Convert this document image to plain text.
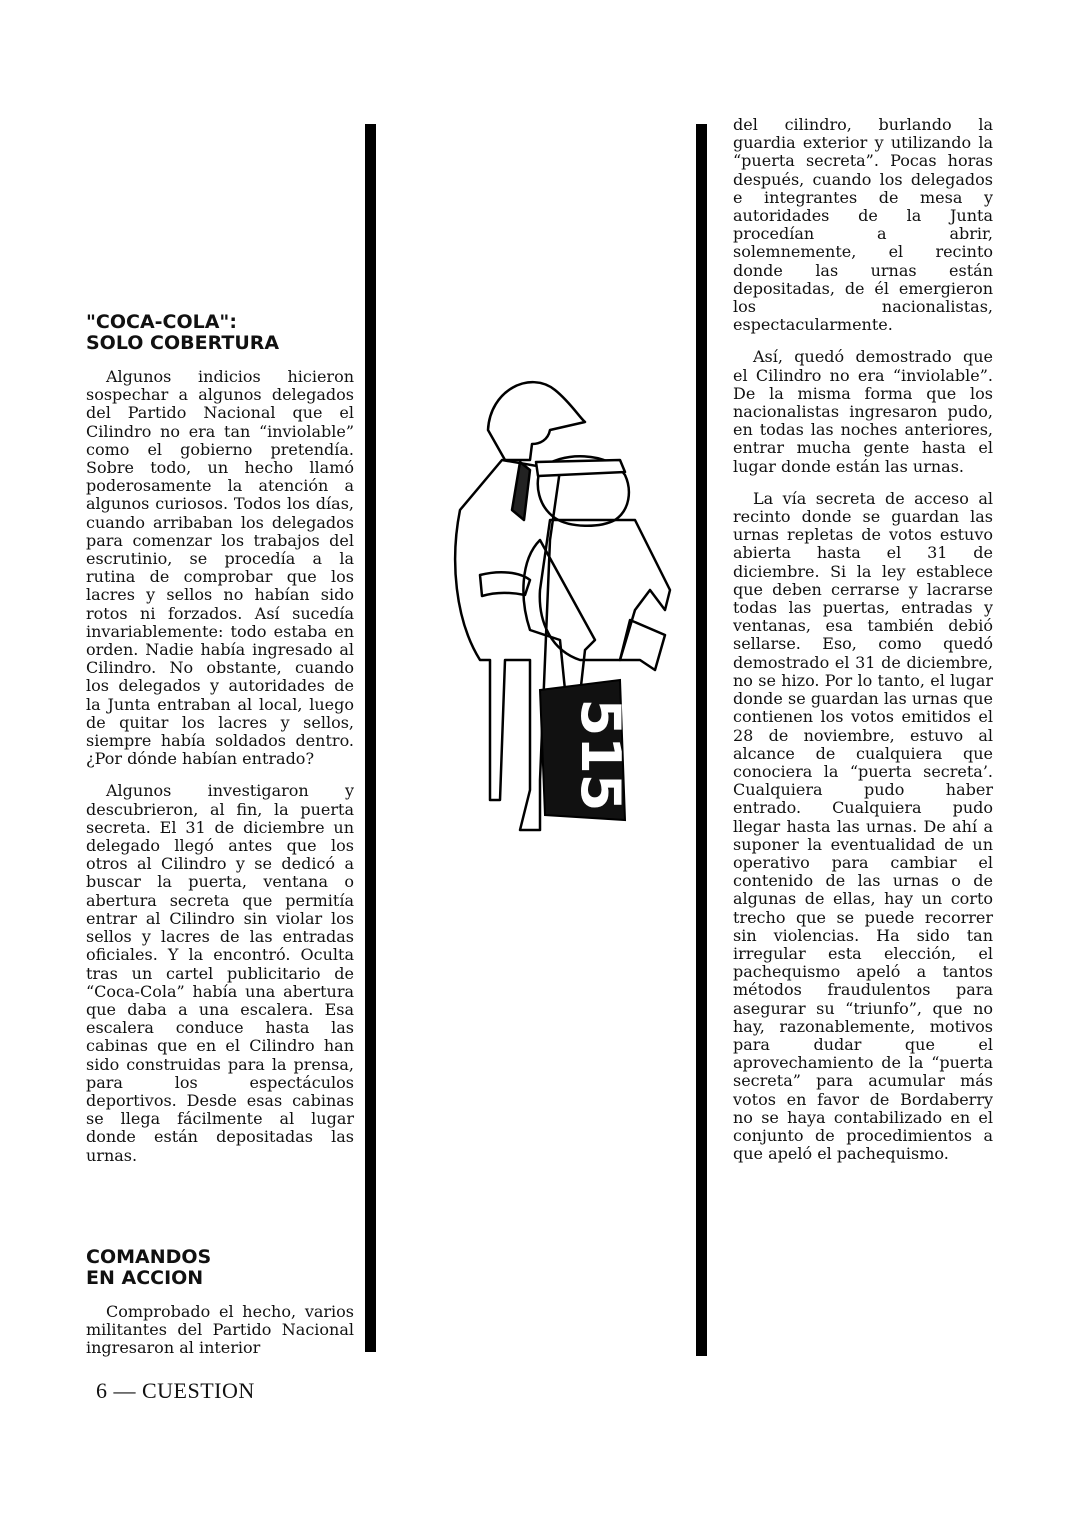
"COCA-COLA":
SOLO COBERTURA

Algunos indicios hicieron sospechar a algunos delegados del Partido Nacional que el Cilindro no era tan “inviolable” como el gobierno pretendía. Sobre todo, un hecho llamó poderosamente la atención a algunos curiosos. Todos los días, cuando arribaban los delegados para comenzar los trabajos del escrutinio, se procedía a la rutina de comprobar que los lacres y sellos no habían sido rotos ni forzados. Así sucedía invariablemente: todo estaba en orden. Nadie había ingresado al Cilindro. No obstante, cuando los delegados y autoridades de la Junta entraban al local, luego de quitar los lacres y sellos, siempre había soldados dentro. ¿Por dónde habían entrado?

Algunos investigaron y descubrieron, al fin, la puerta secreta. El 31 de diciembre un delegado llegó antes que los otros al Cilindro y se dedicó a buscar la puerta, ventana o abertura secreta que permitía entrar al Cilindro sin violar los sellos y lacres de las entradas oficiales. Y la encontró. Oculta tras un cartel publicitario de “Coca-Cola” había una abertura que daba a una escalera. Esa escalera conduce hasta las cabinas que en el Cilindro han sido construidas para la prensa, para los espectáculos deportivos. Desde esas cabinas se llega fácilmente al lugar donde están depositadas las urnas.

COMANDOS
EN ACCION

Comprobado el hecho, varios militantes del Partido Nacional ingresaron al interior

del cilindro, burlando la guardia exterior y utilizando la “puerta secreta”. Pocas horas después, cuando los delegados e integrantes de mesa y autoridades de la Junta procedían a abrir, solemnemente, el recinto donde las urnas están depositadas, de él emergieron los nacionalistas, espectacularmente.

Así, quedó demostrado que el Cilindro no era “inviolable”. De la misma forma que los nacionalistas ingresaron pudo, en todas las noches anteriores, entrar mucha gente hasta el lugar donde están las urnas.

La vía secreta de acceso al recinto donde se guardan las urnas repletas de votos estuvo abierta hasta el 31 de diciembre. Si la ley establece que deben cerrarse y lacrarse todas las puertas, entradas y ventanas, esa también debió sellarse. Eso, como quedó demostrado el 31 de diciembre, no se hizo. Por lo tanto, el lugar donde se guardan las urnas que contienen los votos emitidos el 28 de noviembre, estuvo al alcance de cualquiera que conociera la “puerta secreta’. Cualquiera pudo haber entrado. Cualquiera pudo llegar hasta las urnas. De ahí a suponer la eventualidad de un operativo para cambiar el contenido de las urnas o de algunas de ellas, hay un corto trecho que se puede recorrer sin violencias. Ha sido tan irregular esta elección, el pachequismo apeló a tantos métodos fraudulentos para asegurar su “triunfo”, que no hay, razonablemente, motivos para dudar que el aprovechamiento de la “puerta secreta” para acumular más votos en favor de Bordaberry no se haya contabilizado en el conjunto de procedimientos a que apeló el pachequismo.

515
6 — CUESTION
